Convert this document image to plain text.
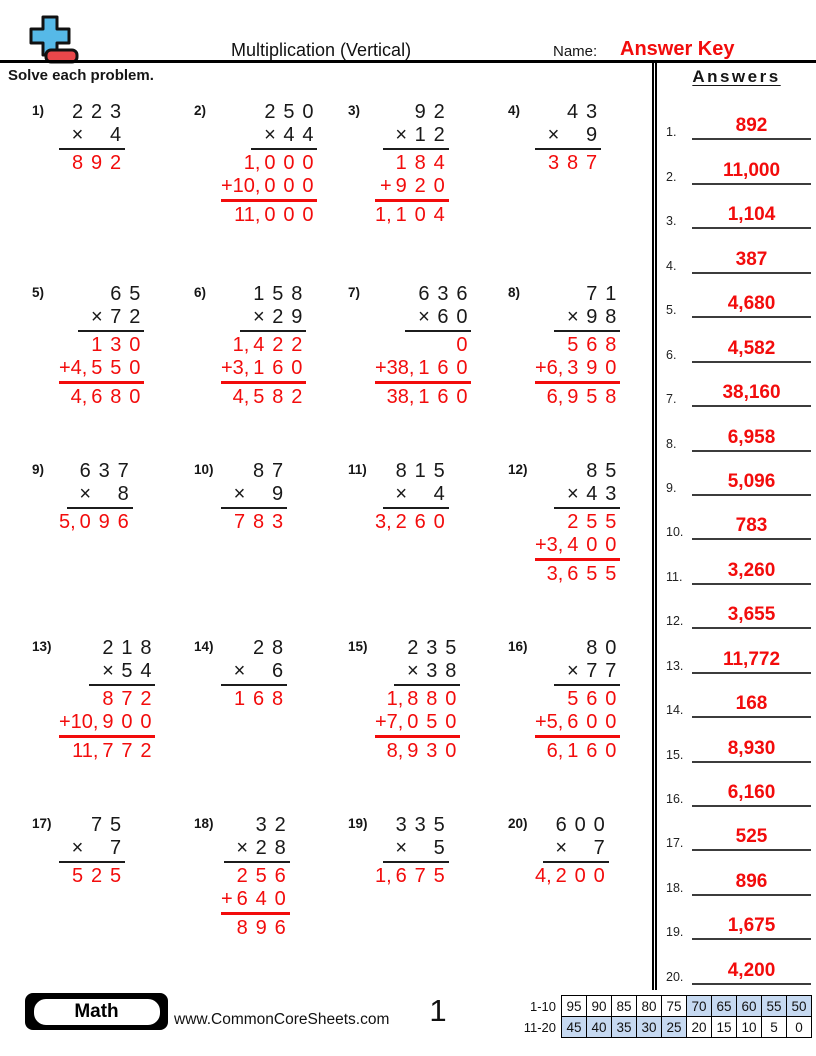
Multiplication (Vertical)	Name: Answer Key
Solve each problem.
1)	2 2 3
× 4
8 9 2
2)	2 5 0
× 4 4
1, 0 0 0
+10, 0 0 0
11, 0 0 0
3)	9 2
× 1 2
1 8 4
+ 9 2 0
1, 1 0 4
4)	4 3
× 9
3 8 7
5)	6 5
× 7 2
1 3 0
+4, 5 5 0
4, 6 8 0
6)	1 5 8
× 2 9
1, 4 2 2
+3, 1 6 0
4, 5 8 2
7)	6 3 6
× 6 0
0
+38, 1 6 0
38, 1 6 0
8)	7 1
× 9 8
5 6 8
+6, 3 9 0
6, 9 5 8
9)	6 3 7
× 8
5, 0 9 6
10)	8 7
× 9
7 8 3
11)	8 1 5
× 4
3, 2 6 0
12)	8 5
× 4 3
2 5 5
+3, 4 0 0
3, 6 5 5
13)	2 1 8
× 5 4
8 7 2
+10, 9 0 0
11, 7 7 2
14)	2 8
× 6
1 6 8
15)	2 3 5
× 3 8
1, 8 8 0
+7, 0 5 0
8, 9 3 0
16)	8 0
× 7 7
5 6 0
+5, 6 0 0
6, 1 6 0
17)	7 5
× 7
5 2 5
18)	3 2
× 2 8
2 5 6
+ 6 4 0
8 9 6
19)	3 3 5
× 5
1, 6 7 5
20)	6 0 0
× 7
4, 2 0 0
Answers
1.	892
2.	11,000
3.	1,104
4.	387
5.	4,680
6.	4,582
7.	38,160
8.	6,958
9.	5,096
10.	783
11.	3,260
12.	3,655
13.	11,772
14.	168
15.	8,930
16.	6,160
17.	525
18.	896
19.	1,675
20.	4,200
Math	www.CommonCoreSheets.com 1	1-10	95	90	85	80	75	70	65	60	55	50
11-20	45	40	35	30	25	20	15	10	5	0
